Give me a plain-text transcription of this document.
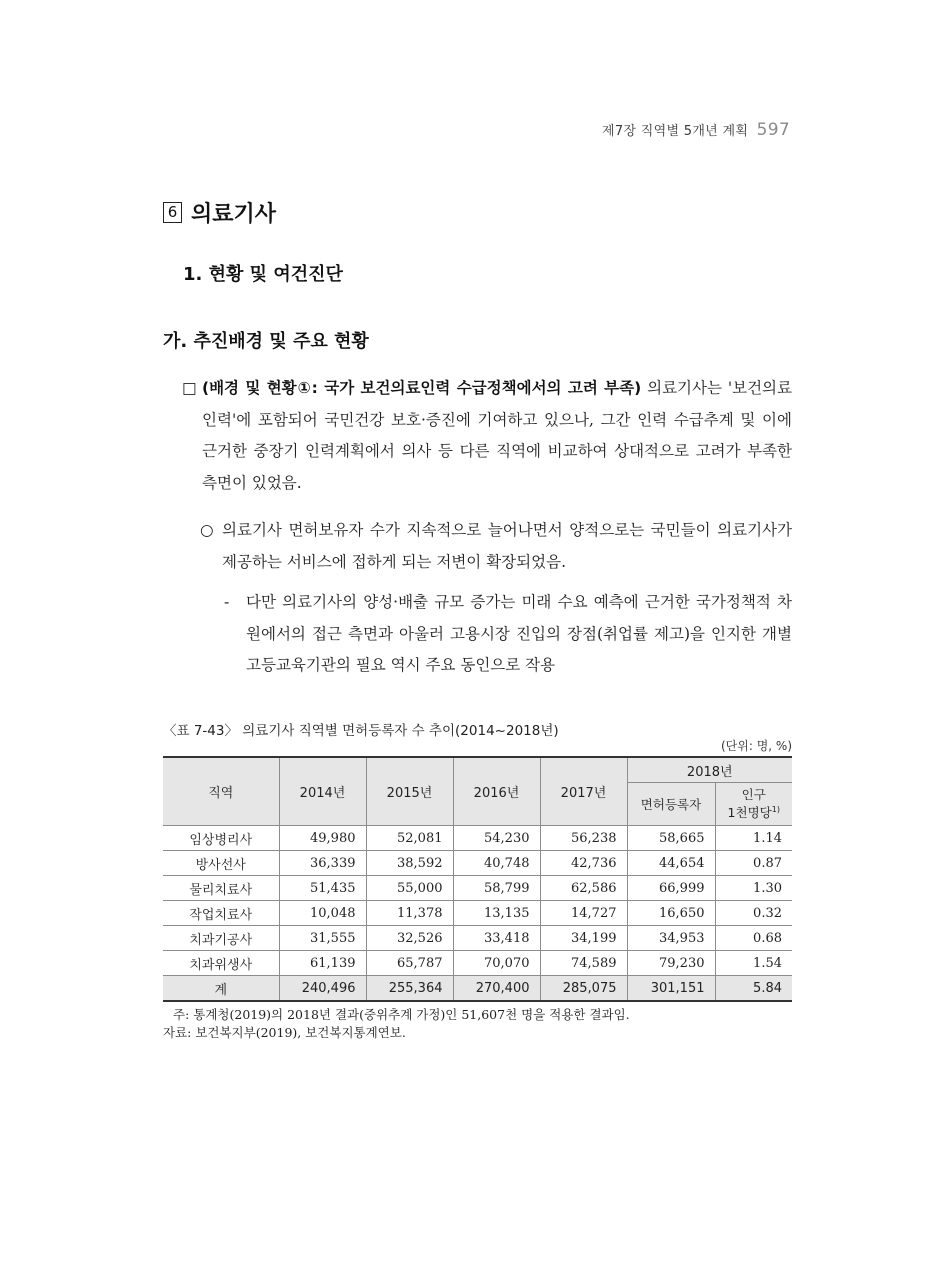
제7장 직역별 5개년 계획 597
6 의료기사
1. 현황 및 여건진단
가. 추진배경 및 주요 현황
□ (배경 및 현황①: 국가 보건의료인력 수급정책에서의 고려 부족) 의료기사는 '보건의료인력'에 포함되어 국민건강 보호·증진에 기여하고 있으나, 그간 인력 수급추계 및 이에 근거한 중장기 인력계획에서 의사 등 다른 직역에 비교하여 상대적으로 고려가 부족한 측면이 있었음.
○ 의료기사 면허보유자 수가 지속적으로 늘어나면서 양적으로는 국민들이 의료기사가 제공하는 서비스에 접하게 되는 저변이 확장되었음.
-	다만 의료기사의 양성·배출 규모 증가는 미래 수요 예측에 근거한 국가정책적 차원에서의 접근 측면과 아울러 고용시장 진입의 장점(취업률 제고)을 인지한 개별 고등교육기관의 필요 역시 주요 동인으로 작용
〈표 7-43〉 의료기사 직역별 면허등록자 수 추이(2014~2018년)
(단위: 명, %)
직역	2014년	2015년	2016년	2017년	2018년	
					면허등록자	인구
1천명당$^{1)}$
임상병리사	49,980	52,081	54,230	56,238	58,665	1.14
방사선사	36,339	38,592	40,748	42,736	44,654	0.87
물리치료사	51,435	55,000	58,799	62,586	66,999	1.30
작업치료사	10,048	11,378	13,135	14,727	16,650	0.32
치과기공사	31,555	32,526	33,418	34,199	34,953	0.68
치과위생사	61,139	65,787	70,070	74,589	79,230	1.54
계	240,496	255,364	270,400	285,075	301,151	5.84
주: 통계청(2019)의 2018년 결과(중위추계 가정)인 51,607천 명을 적용한 결과임.
자료: 보건복지부(2019), 보건복지통계연보.
